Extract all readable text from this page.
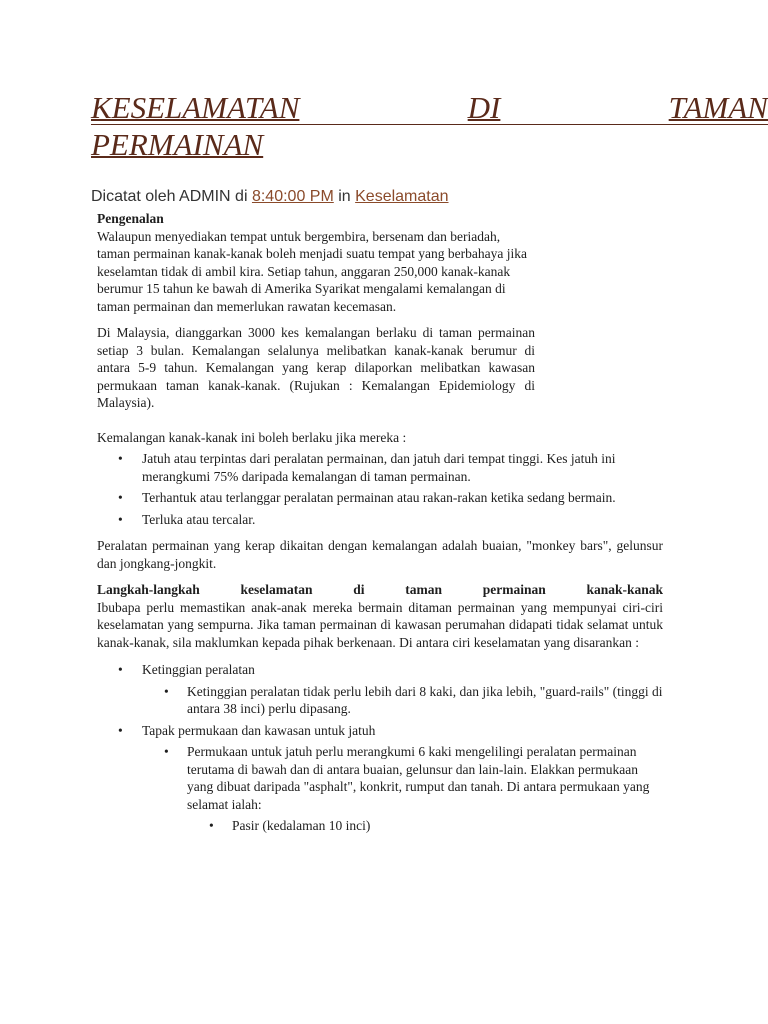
KESELAMATAN	DI	TAMAN
PERMAINAN
Dicatat oleh ADMIN di 8:40:00 PM in Keselamatan

Pengenalan

Walaupun menyediakan tempat untuk bergembira, bersenam dan beriadah, taman permainan kanak-kanak boleh menjadi suatu tempat yang berbahaya jika keselamtan tidak di ambil kira. Setiap tahun, anggaran 250,000 kanak-kanak berumur 15 tahun ke bawah di Amerika Syarikat mengalami kemalangan di taman permainan dan memerlukan rawatan kecemasan.

Di Malaysia, dianggarkan 3000 kes kemalangan berlaku di taman permainan setiap 3 bulan. Kemalangan selalunya melibatkan kanak-kanak berumur di antara 5-9 tahun. Kemalangan yang kerap dilaporkan melibatkan kawasan permukaan taman kanak-kanak. (Rujukan : Kemalangan Epidemiology di Malaysia).

Kemalangan kanak-kanak ini boleh berlaku jika mereka :

• Jatuh atau terpintas dari peralatan permainan, dan jatuh dari tempat tinggi. Kes jatuh ini merangkumi 75% daripada kemalangan di taman permainan.
• Terhantuk atau terlanggar peralatan permainan atau rakan-rakan ketika sedang bermain.
• Terluka atau tercalar.

Peralatan permainan yang kerap dikaitan dengan kemalangan adalah buaian, "monkey bars", gelunsur dan jongkang-jongkit.

Langkah-langkah	keselamatan	di	taman	permainan	kanak-kanak

Ibubapa perlu memastikan anak-anak mereka bermain ditaman permainan yang mempunyai ciri-ciri keselamatan yang sempurna. Jika taman permainan di kawasan perumahan didapati tidak selamat untuk kanak-kanak, sila maklumkan kepada pihak berkenaan. Di antara ciri keselamatan yang disarankan :

• Ketinggian peralatan
• Ketinggian peralatan tidak perlu lebih dari 8 kaki, dan jika lebih, "guard-rails" (tinggi di antara 38 inci) perlu dipasang.
• Tapak permukaan dan kawasan untuk jatuh
• Permukaan untuk jatuh perlu merangkumi 6 kaki mengelilingi peralatan permainan terutama di bawah dan di antara buaian, gelunsur dan lain-lain. Elakkan permukaan yang dibuat daripada "asphalt", konkrit, rumput dan tanah. Di antara permukaan yang selamat ialah:
• Pasir (kedalaman 10 inci)
